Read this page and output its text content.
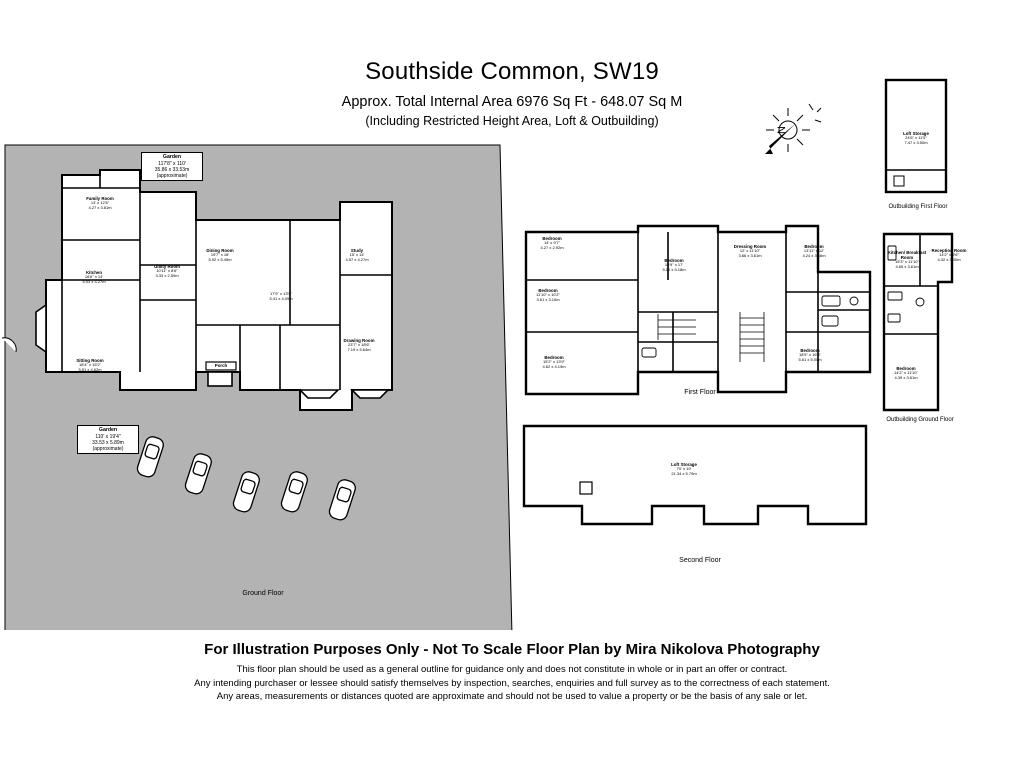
Southside Common, SW19
Approx. Total Internal Area 6976 Sq Ft - 648.07 Sq M
(Including Restricted Height Area, Loft & Outbuilding)
Garden
117'8" x 110'
35.86 x 33.53m
(approximate)
Garden
110' x 19'4"
33.53 x 5.89m
(approximate)
Family Room
14' x 12'6"
4.27 x 3.81m
Kitchen
16'6" x 14'
5.03 x 4.27m
Utility Room
10'11" x 8'6"
3.33 x 2.59m
Dining Room
19'7" x 18'
5.92 x 5.49m
Study
15' x 14'
4.57 x 4.27m
Sitting Room
18'4" x 15'2"
5.51 x 4.62m
17'9" x 13'5"
5.41 x 4.09m
Drawing Room
23'7" x 18'6"
7.19 x 5.64m
Porch
Ground Floor
N
Bedroom
14' x 9'7"
4.27 x 2.92m
Bedroom
11'10" x 10'2"
3.61 x 3.10m
Bedroom
15'2" x 13'9"
4.62 x 4.19m
Bedroom
16'9" x 17'
5.10 x 5.18m
Dressing Room
12' x 11'10"
3.66 x 3.61m
Bedroom
13'11" x 12'
4.24 x 3.66m
Bedroom
18'5" x 16'5"
5.61 x 5.00m
First Floor
Loft Storage
70' x 19'
21.34 x 5.79m
Second Floor
Loft Storage
24'6" x 11'5"
7.47 x 3.50m
Outbuilding First Floor
Kitchen/ Breakfast Room
15'3" x 11'10"
4.65 x 3.61m
Reception Room
14'2" x 9'6"
4.32 x 3.00m
Bedroom
14'2" x 11'10"
4.39 x 3.61m
Outbuilding Ground Floor
For Illustration Purposes Only - Not To Scale Floor Plan by Mira Nikolova Photography
This floor plan should be used as a general outline for guidance only and does not constitute in whole or in part an offer or contract.
Any intending purchaser or lessee should satisfy themselves by inspection, searches, enquiries and full survey as to the correctness of each statement.
Any areas, measurements or distances quoted are approximate and should not be used to value a property or be the basis of any sale or let.
